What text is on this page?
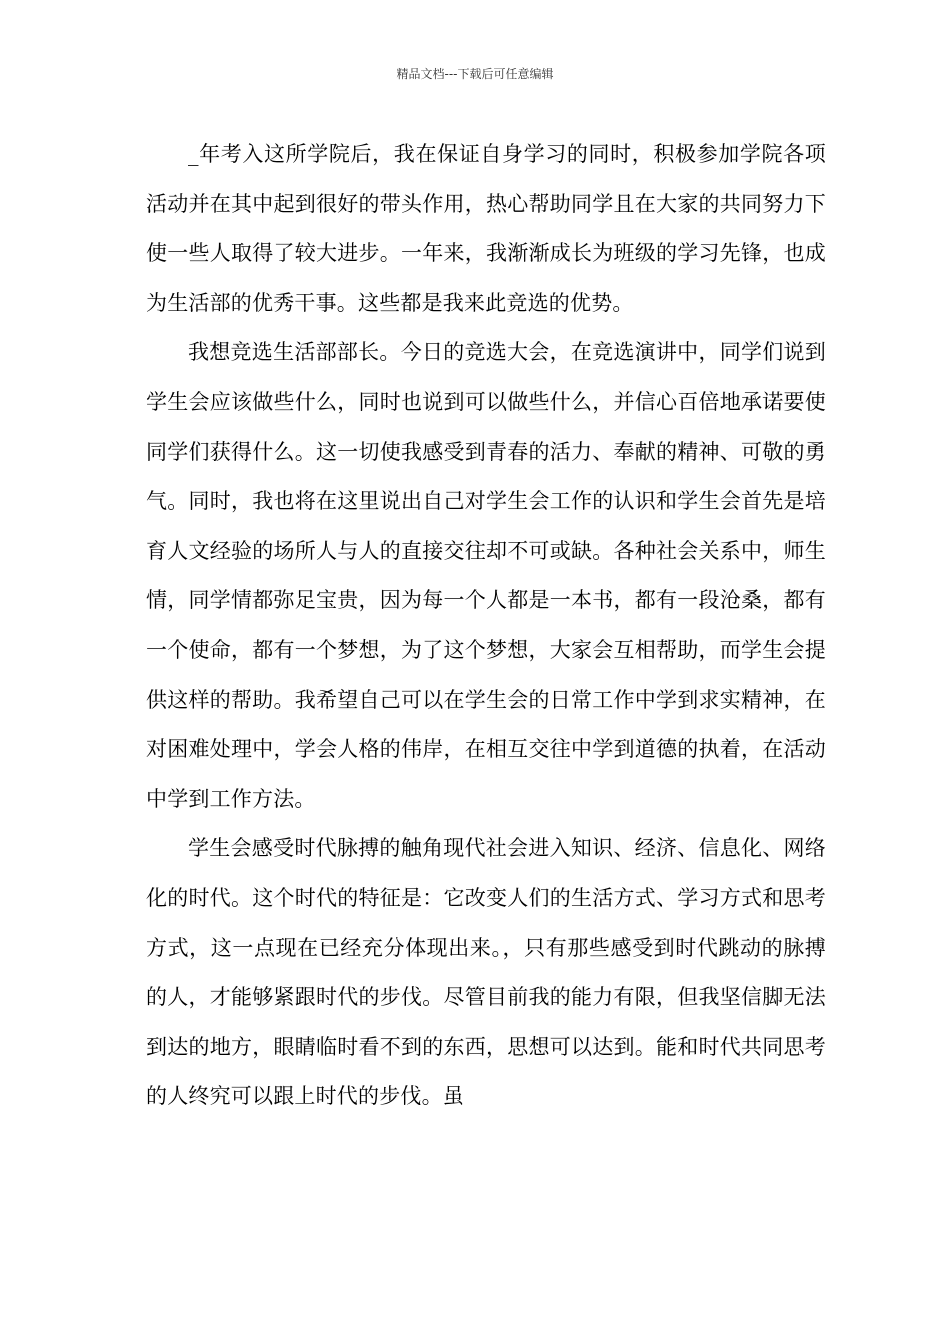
精品文档---下载后可任意编辑

_年考入这所学院后，我在保证自身学习的同时，积极参加学院各项活动并在其中起到很好的带头作用，热心帮助同学且在大家的共同努力下使一些人取得了较大进步。一年来，我渐渐成长为班级的学习先锋，也成为生活部的优秀干事。这些都是我来此竞选的优势。

我想竞选生活部部长。今日的竞选大会，在竞选演讲中，同学们说到学生会应该做些什么，同时也说到可以做些什么，并信心百倍地承诺要使同学们获得什么。这一切使我感受到青春的活力、奉献的精神、可敬的勇气。同时，我也将在这里说出自己对学生会工作的认识和学生会首先是培育人文经验的场所人与人的直接交往却不可或缺。各种社会关系中，师生情，同学情都弥足宝贵，因为每一个人都是一本书，都有一段沧桑，都有一个使命，都有一个梦想，为了这个梦想，大家会互相帮助，而学生会提供这样的帮助。我希望自己可以在学生会的日常工作中学到求实精神，在对困难处理中，学会人格的伟岸，在相互交往中学到道德的执着，在活动中学到工作方法。

学生会感受时代脉搏的触角现代社会进入知识、经济、信息化、网络化的时代。这个时代的特征是：它改变人们的生活方式、学习方式和思考方式，这一点现在已经充分体现出来。，只有那些感受到时代跳动的脉搏的人，才能够紧跟时代的步伐。尽管目前我的能力有限，但我坚信脚无法到达的地方，眼睛临时看不到的东西，思想可以达到。能和时代共同思考的人终究可以跟上时代的步伐。虽
